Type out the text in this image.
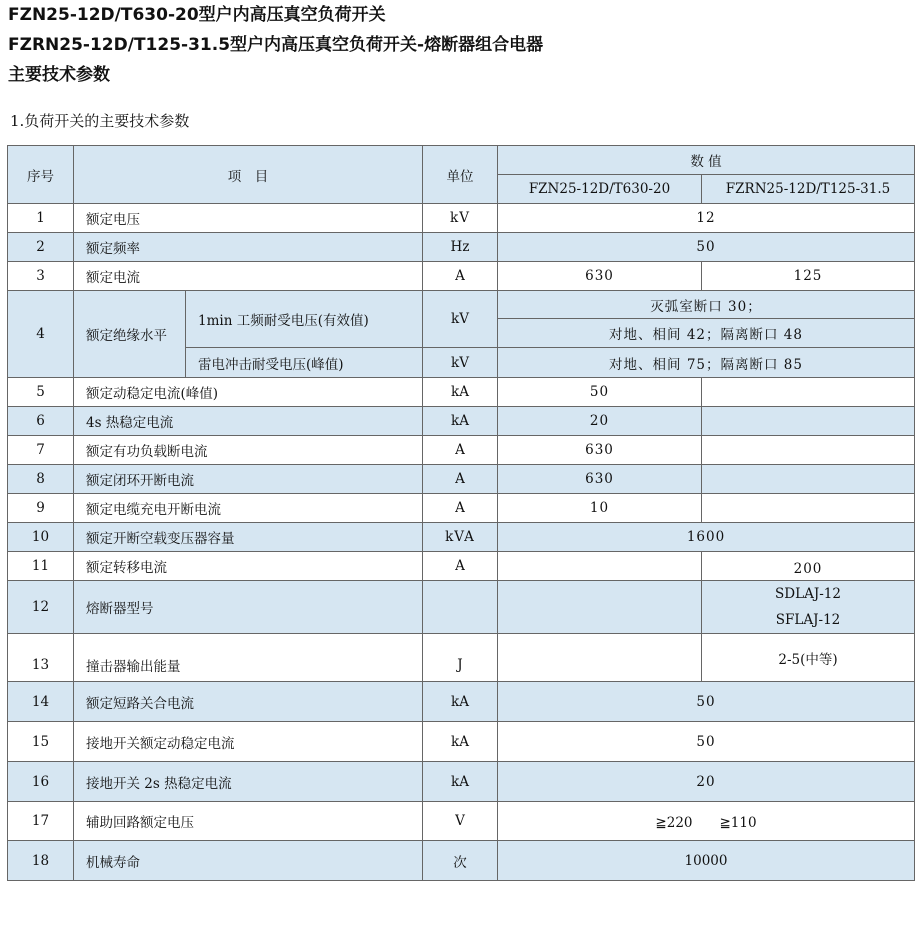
FZN25-12D/T630-20型户内高压真空负荷开关
FZRN25-12D/T125-31.5型户内高压真空负荷开关-熔断器组合电器
主要技术参数
1.负荷开关的主要技术参数
序号	项　目		单位	数 值	
				FZN25-12D/T630-20	FZRN25-12D/T125-31.5
1	额定电压		kV	12	
2	额定频率		Hz	50	
3	额定电流		A	630	125
4	额定绝缘水平	1min 工频耐受电压(有效值)	kV	灭弧室断口 30；	
				对地、相间 42；隔离断口 48	
		雷电冲击耐受电压(峰值)	kV	对地、相间 75；隔离断口 85	
5	额定动稳定电流(峰值)		kA	50	
6	4s 热稳定电流		kA	20	
7	额定有功负载断电流		A	630	
8	额定闭环开断电流		A	630	
9	额定电缆充电开断电流		A	10	
10	额定开断空载变压器容量		kVA	1600	
11	额定转移电流		A		200
12	熔断器型号				SDLAJ-12
SFLAJ-12

13	撞击器输出能量		J		2-5(中等)
14	额定短路关合电流		kA	50	
15	接地开关额定动稳定电流		kA	50	
16	接地开关 2s 热稳定电流		kA	20	
17	辅助回路额定电压		V	≧220　　≧110	
18	机械寿命		次	10000	
